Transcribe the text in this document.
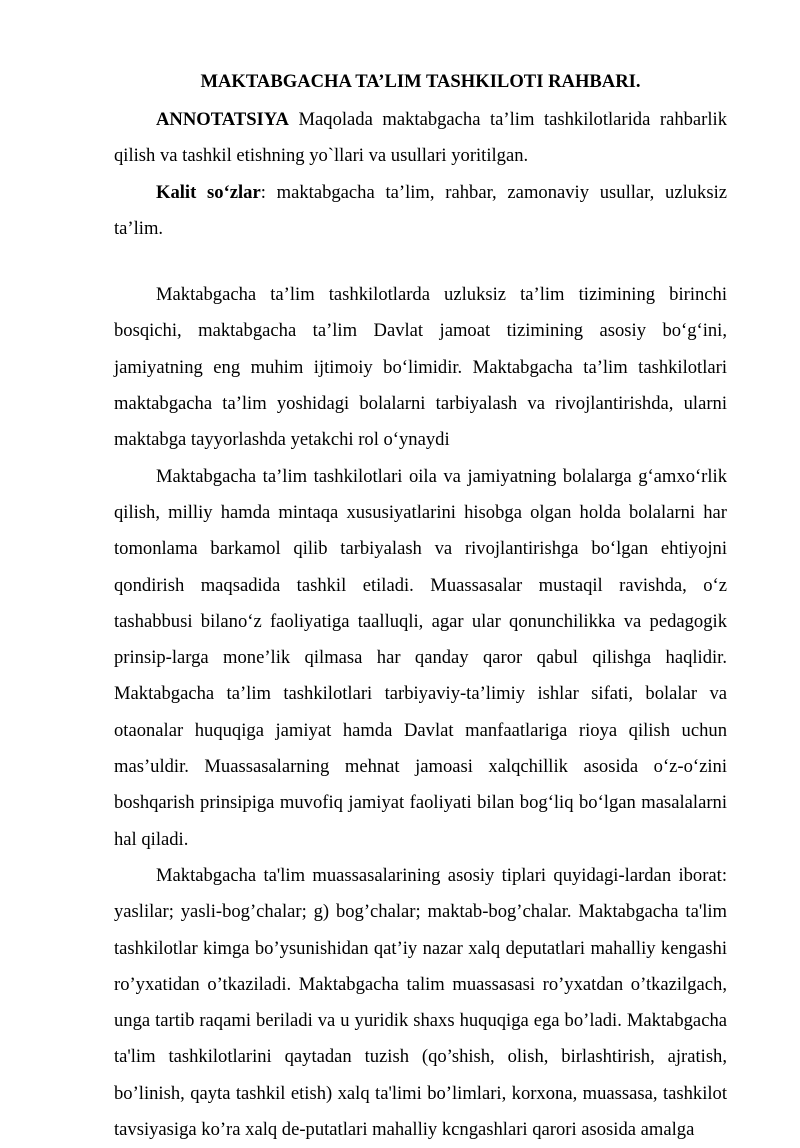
MAKTABGACHA TA’LIM TASHKILOTI RAHBARI.

ANNOTATSIYA Maqolada maktabgacha ta’lim tashkilotlarida rahbarlik qilish va tashkil etishning yo`llari va usullari yoritilgan.

Kalit so‘zlar: maktabgacha ta’lim, rahbar, zamonaviy usullar, uzluksiz ta’lim.

Maktabgacha ta’lim tashkilotlarda uzluksiz ta’lim tizimining birinchi bosqichi, maktabgacha ta’lim Davlat jamoat tizimining asosiy bo‘g‘ini, jamiyatning eng muhim ijtimoiy bo‘limidir. Maktabgacha ta’lim tashkilotlari maktabgacha ta’lim yoshidagi bolalarni tarbiyalash va rivojlantirishda, ularni maktabga tayyorlashda yetakchi rol o‘ynaydi

Maktabgacha ta’lim tashkilotlari oila va jamiyatning bolalarga g‘amxo‘rlik qilish, milliy hamda mintaqa xususiyatlarini hisobga olgan holda bolalarni har tomonlama barkamol qilib tarbiyalash va rivojlantirishga bo‘lgan ehtiyojni qondirish maqsadida tashkil etiladi. Muassasalar mustaqil ravishda, o‘z tashabbusi bilano‘z faoliyatiga taalluqli, agar ular qonunchilikka va pedagogik prinsip-larga mone’lik qilmasa har qanday qaror qabul qilishga haqlidir. Maktabgacha ta’lim tashkilotlari tarbiyaviy-ta’limiy ishlar sifati, bolalar va otaonalar huquqiga jamiyat hamda Davlat manfaatlariga rioya qilish uchun mas’uldir. Muassasalarning mehnat jamoasi xalqchillik asosida o‘z-o‘zini boshqarish prinsipiga muvofiq jamiyat faoliyati bilan bog‘liq bo‘lgan masalalarni hal qiladi.

Maktabgacha ta'lim muassasalarining asosiy tiplari quyidagi-lardan iborat: yaslilar; yasli-bog’chalar; g) bog’chalar; maktab-bog’chalar. Maktabgacha ta'lim tashkilotlar kimga bo’ysunishidan qat’iy nazar xalq deputatlari mahalliy kengashi ro’yxatidan o’tkaziladi. Maktabgacha talim muassasasi ro’yxatdan o’tkazilgach, unga tartib raqami beriladi va u yuridik shaxs huquqiga ega bo’ladi. Maktabgacha ta'lim tashkilotlarini qaytadan tuzish (qo’shish, olish, birlashtirish, ajratish, bo’linish, qayta tashkil etish) xalq ta'limi bo’limlari, korxona, muassasa, tashkilot tavsiyasiga ko’ra xalq de-putatlari mahalliy kcngashlari qarori asosida amalga
